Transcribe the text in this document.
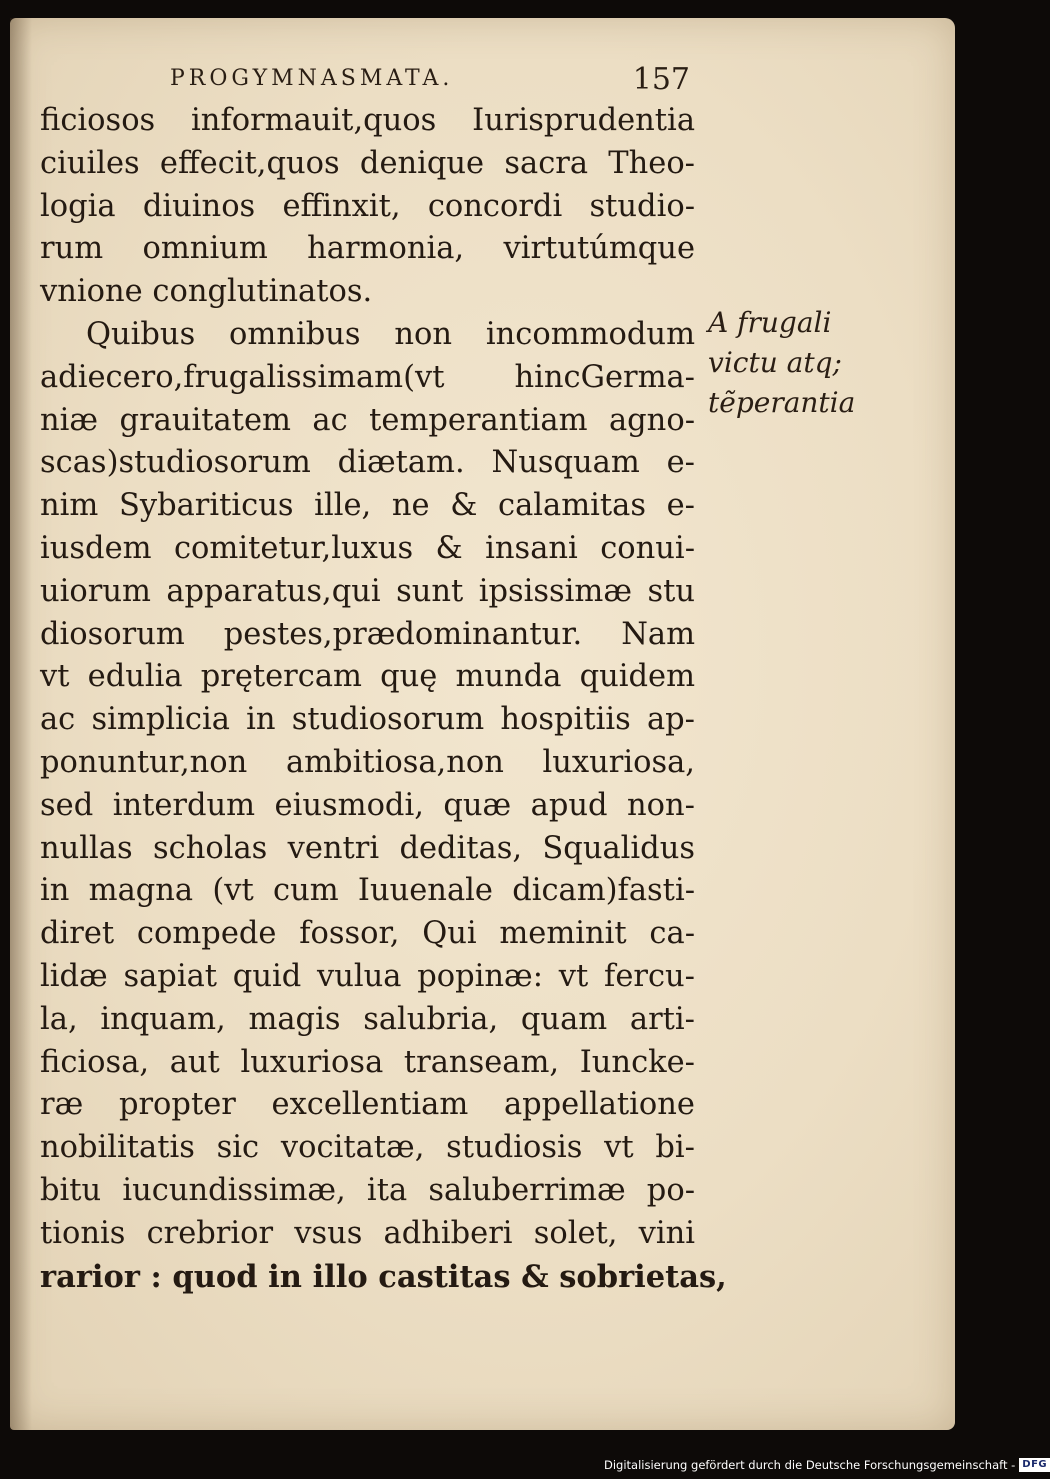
PROGYMNASMATA.	157
ficiosos informauit,quos Iurisprudentia
ciuiles effecit,quos denique sacra Theo-
logia diuinos effinxit, concordi studio-
rum omnium harmonia, virtutúmque
vnione conglutinatos.
Quibus omnibus non incommodum
adiecero,frugalissimam(vt hincGerma-
niæ grauitatem ac temperantiam agno-
scas)studiosorum diætam. Nusquam e-
nim Sybariticus ille, ne & calamitas e-
iusdem comitetur,luxus & insani conui-
uiorum apparatus,qui sunt ipsissimæ stu
diosorum pestes,prædominantur. Nam
vt edulia prętercam quę munda quidem
ac simplicia in studiosorum hospitiis ap-
ponuntur,non ambitiosa,non luxuriosa,
sed interdum eiusmodi, quæ apud non-
nullas scholas ventri deditas, Squalidus
in magna (vt cum Iuuenale dicam)fasti-
diret compede fossor, Qui meminit ca-
lidæ sapiat quid vulua popinæ: vt fercu-
la, inquam, magis salubria, quam arti-
ficiosa, aut luxuriosa transeam, Iuncke-
ræ propter excellentiam appellatione
nobilitatis sic vocitatæ, studiosis vt bi-
bitu iucundissimæ, ita saluberrimæ po-
tionis crebrior vsus adhiberi solet, vini
rarior : quod in illo castitas & sobrietas,
A frugali
victu atq;
tẽperantia
Digitalisierung gefördert durch die Deutsche Forschungsgemeinschaft - DFG
